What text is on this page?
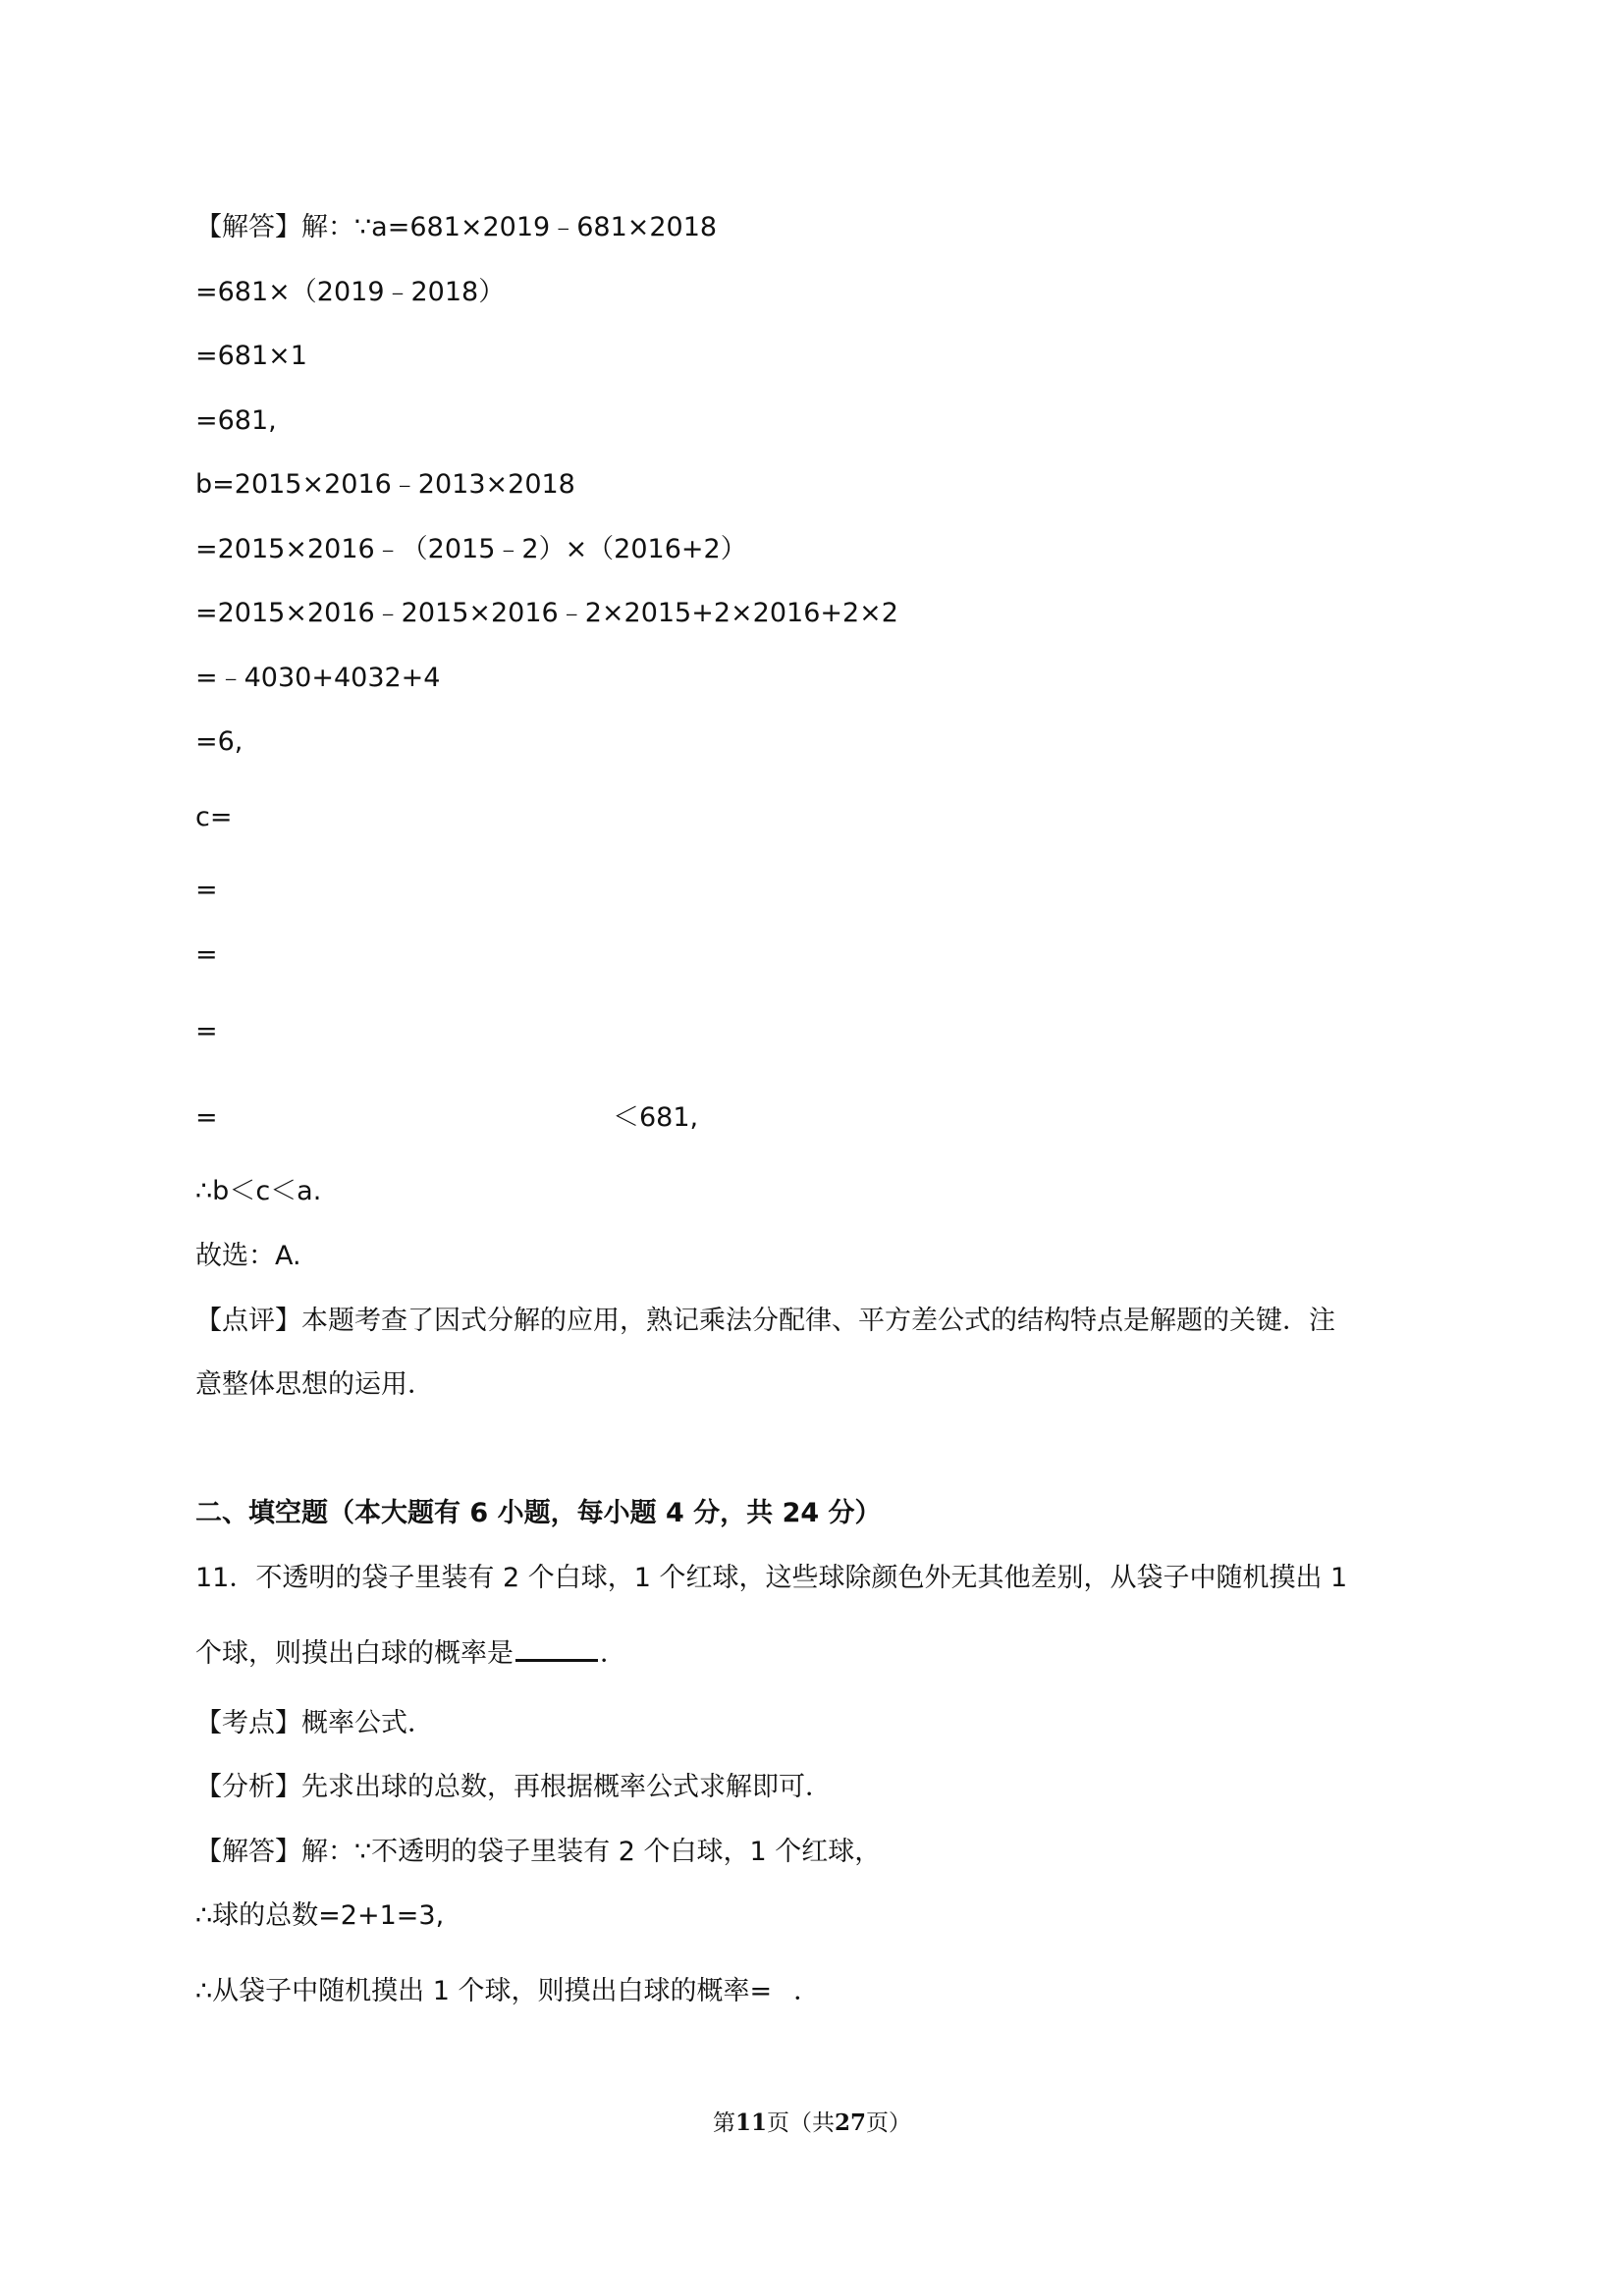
【解答】解：∵a=681×2019﹣681×2018
=681×（2019﹣2018）
=681×1
=681,
b=2015×2016﹣2013×2018
=2015×2016﹣（2015﹣2）×（2016+2）
=2015×2016﹣2015×2016﹣2×2015+2×2016+2×2
=﹣4030+4032+4
=6,
c=
=
=
=
=	＜681,
∴b＜c＜a.
故选：A.
【点评】本题考查了因式分解的应用，熟记乘法分配律、平方差公式的结构特点是解题的关键．注
意整体思想的运用．
二、填空题（本大题有 6 小题，每小题 4 分，共 24 分）
11．不透明的袋子里装有 2 个白球，1 个红球，这些球除颜色外无其他差别，从袋子中随机摸出 1
个球，则摸出白球的概率是	．
【考点】概率公式．
【分析】先求出球的总数，再根据概率公式求解即可．
【解答】解：∵不透明的袋子里装有 2 个白球，1 个红球，
∴球的总数=2+1=3,
∴从袋子中随机摸出 1 个球，则摸出白球的概率= ．
第11页（共27页）
